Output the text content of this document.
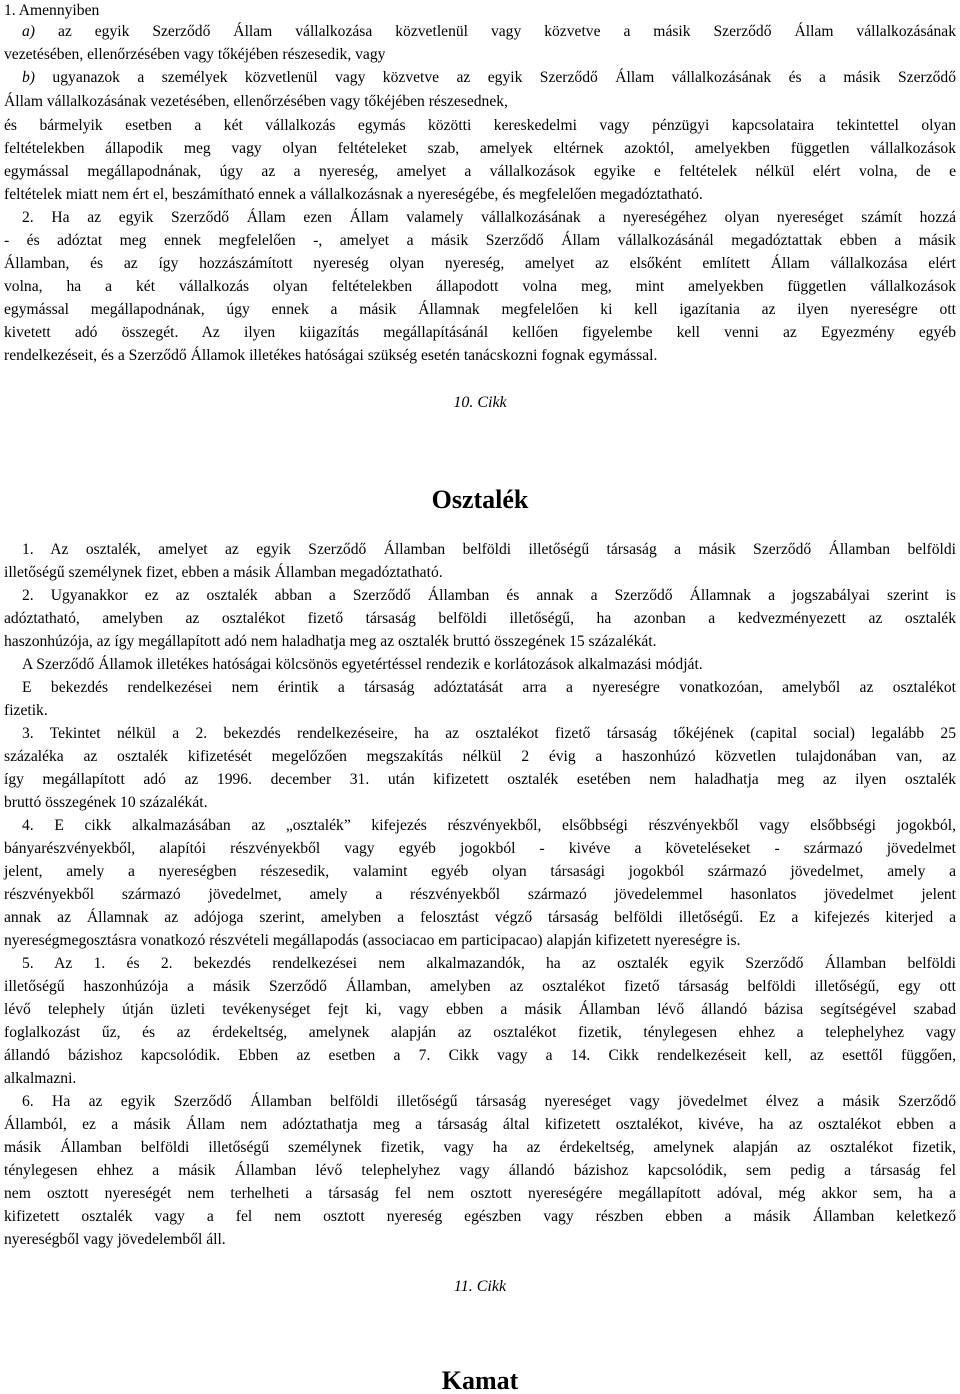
1. Amennyiben
a) az egyik Szerződő Állam vállalkozása közvetlenül vagy közvetve a másik Szerződő Állam vállalkozásának
vezetésében, ellenőrzésében vagy tőkéjében részesedik, vagy
b) ugyanazok a személyek közvetlenül vagy közvetve az egyik Szerződő Állam vállalkozásának és a másik Szerződő
Állam vállalkozásának vezetésében, ellenőrzésében vagy tőkéjében részesednek,
és bármelyik esetben a két vállalkozás egymás közötti kereskedelmi vagy pénzügyi kapcsolataira tekintettel olyan
feltételekben állapodik meg vagy olyan feltételeket szab, amelyek eltérnek azoktól, amelyekben független vállalkozások
egymással megállapodnának, úgy az a nyereség, amelyet a vállalkozások egyike e feltételek nélkül elért volna, de e
feltételek miatt nem ért el, beszámítható ennek a vállalkozásnak a nyereségébe, és megfelelően megadóztatható.
2. Ha az egyik Szerződő Állam ezen Állam valamely vállalkozásának a nyereségéhez olyan nyereséget számít hozzá
- és adóztat meg ennek megfelelően -, amelyet a másik Szerződő Állam vállalkozásánál megadóztattak ebben a másik
Államban, és az így hozzászámított nyereség olyan nyereség, amelyet az elsőként említett Állam vállalkozása elért
volna, ha a két vállalkozás olyan feltételekben állapodott volna meg, mint amelyekben független vállalkozások
egymással megállapodnának, úgy ennek a másik Államnak megfelelően ki kell igazítania az ilyen nyereségre ott
kivetett adó összegét. Az ilyen kiigazítás megállapításánál kellően figyelembe kell venni az Egyezmény egyéb
rendelkezéseit, és a Szerződő Államok illetékes hatóságai szükség esetén tanácskozni fognak egymással.
10. Cikk
Osztalék
1. Az osztalék, amelyet az egyik Szerződő Államban belföldi illetőségű társaság a másik Szerződő Államban belföldi
illetőségű személynek fizet, ebben a másik Államban megadóztatható.
2. Ugyanakkor ez az osztalék abban a Szerződő Államban és annak a Szerződő Államnak a jogszabályai szerint is
adóztatható, amelyben az osztalékot fizető társaság belföldi illetőségű, ha azonban a kedvezményezett az osztalék
haszonhúzója, az így megállapított adó nem haladhatja meg az osztalék bruttó összegének 15 százalékát.
A Szerződő Államok illetékes hatóságai kölcsönös egyetértéssel rendezik e korlátozások alkalmazási módját.
E bekezdés rendelkezései nem érintik a társaság adóztatását arra a nyereségre vonatkozóan, amelyből az osztalékot
fizetik.
3. Tekintet nélkül a 2. bekezdés rendelkezéseire, ha az osztalékot fizető társaság tőkéjének (capital social) legalább 25
százaléka az osztalék kifizetését megelőzően megszakítás nélkül 2 évig a haszonhúzó közvetlen tulajdonában van, az
így megállapított adó az 1996. december 31. után kifizetett osztalék esetében nem haladhatja meg az ilyen osztalék
bruttó összegének 10 százalékát.
4. E cikk alkalmazásában az „osztalék” kifejezés részvényekből, elsőbbségi részvényekből vagy elsőbbségi jogokból,
bányarészvényekből, alapítói részvényekből vagy egyéb jogokból - kivéve a követeléseket - származó jövedelmet
jelent, amely a nyereségben részesedik, valamint egyéb olyan társasági jogokból származó jövedelmet, amely a
részvényekből származó jövedelmet, amely a részvényekből származó jövedelemmel hasonlatos jövedelmet jelent
annak az Államnak az adójoga szerint, amelyben a felosztást végző társaság belföldi illetőségű. Ez a kifejezés kiterjed a
nyereségmegosztásra vonatkozó részvételi megállapodás (associacao em participacao) alapján kifizetett nyereségre is.
5. Az 1. és 2. bekezdés rendelkezései nem alkalmazandók, ha az osztalék egyik Szerződő Államban belföldi
illetőségű haszonhúzója a másik Szerződő Államban, amelyben az osztalékot fizető társaság belföldi illetőségű, egy ott
lévő telephely útján üzleti tevékenységet fejt ki, vagy ebben a másik Államban lévő állandó bázisa segítségével szabad
foglalkozást űz, és az érdekeltség, amelynek alapján az osztalékot fizetik, ténylegesen ehhez a telephelyhez vagy
állandó bázishoz kapcsolódik. Ebben az esetben a 7. Cikk vagy a 14. Cikk rendelkezéseit kell, az esettől függően,
alkalmazni.
6. Ha az egyik Szerződő Államban belföldi illetőségű társaság nyereséget vagy jövedelmet élvez a másik Szerződő
Államból, ez a másik Állam nem adóztathatja meg a társaság által kifizetett osztalékot, kivéve, ha az osztalékot ebben a
másik Államban belföldi illetőségű személynek fizetik, vagy ha az érdekeltség, amelynek alapján az osztalékot fizetik,
ténylegesen ehhez a másik Államban lévő telephelyhez vagy állandó bázishoz kapcsolódik, sem pedig a társaság fel
nem osztott nyereségét nem terhelheti a társaság fel nem osztott nyereségére megállapított adóval, még akkor sem, ha a
kifizetett osztalék vagy a fel nem osztott nyereség egészben vagy részben ebben a másik Államban keletkező
nyereségből vagy jövedelemből áll.
11. Cikk
Kamat
